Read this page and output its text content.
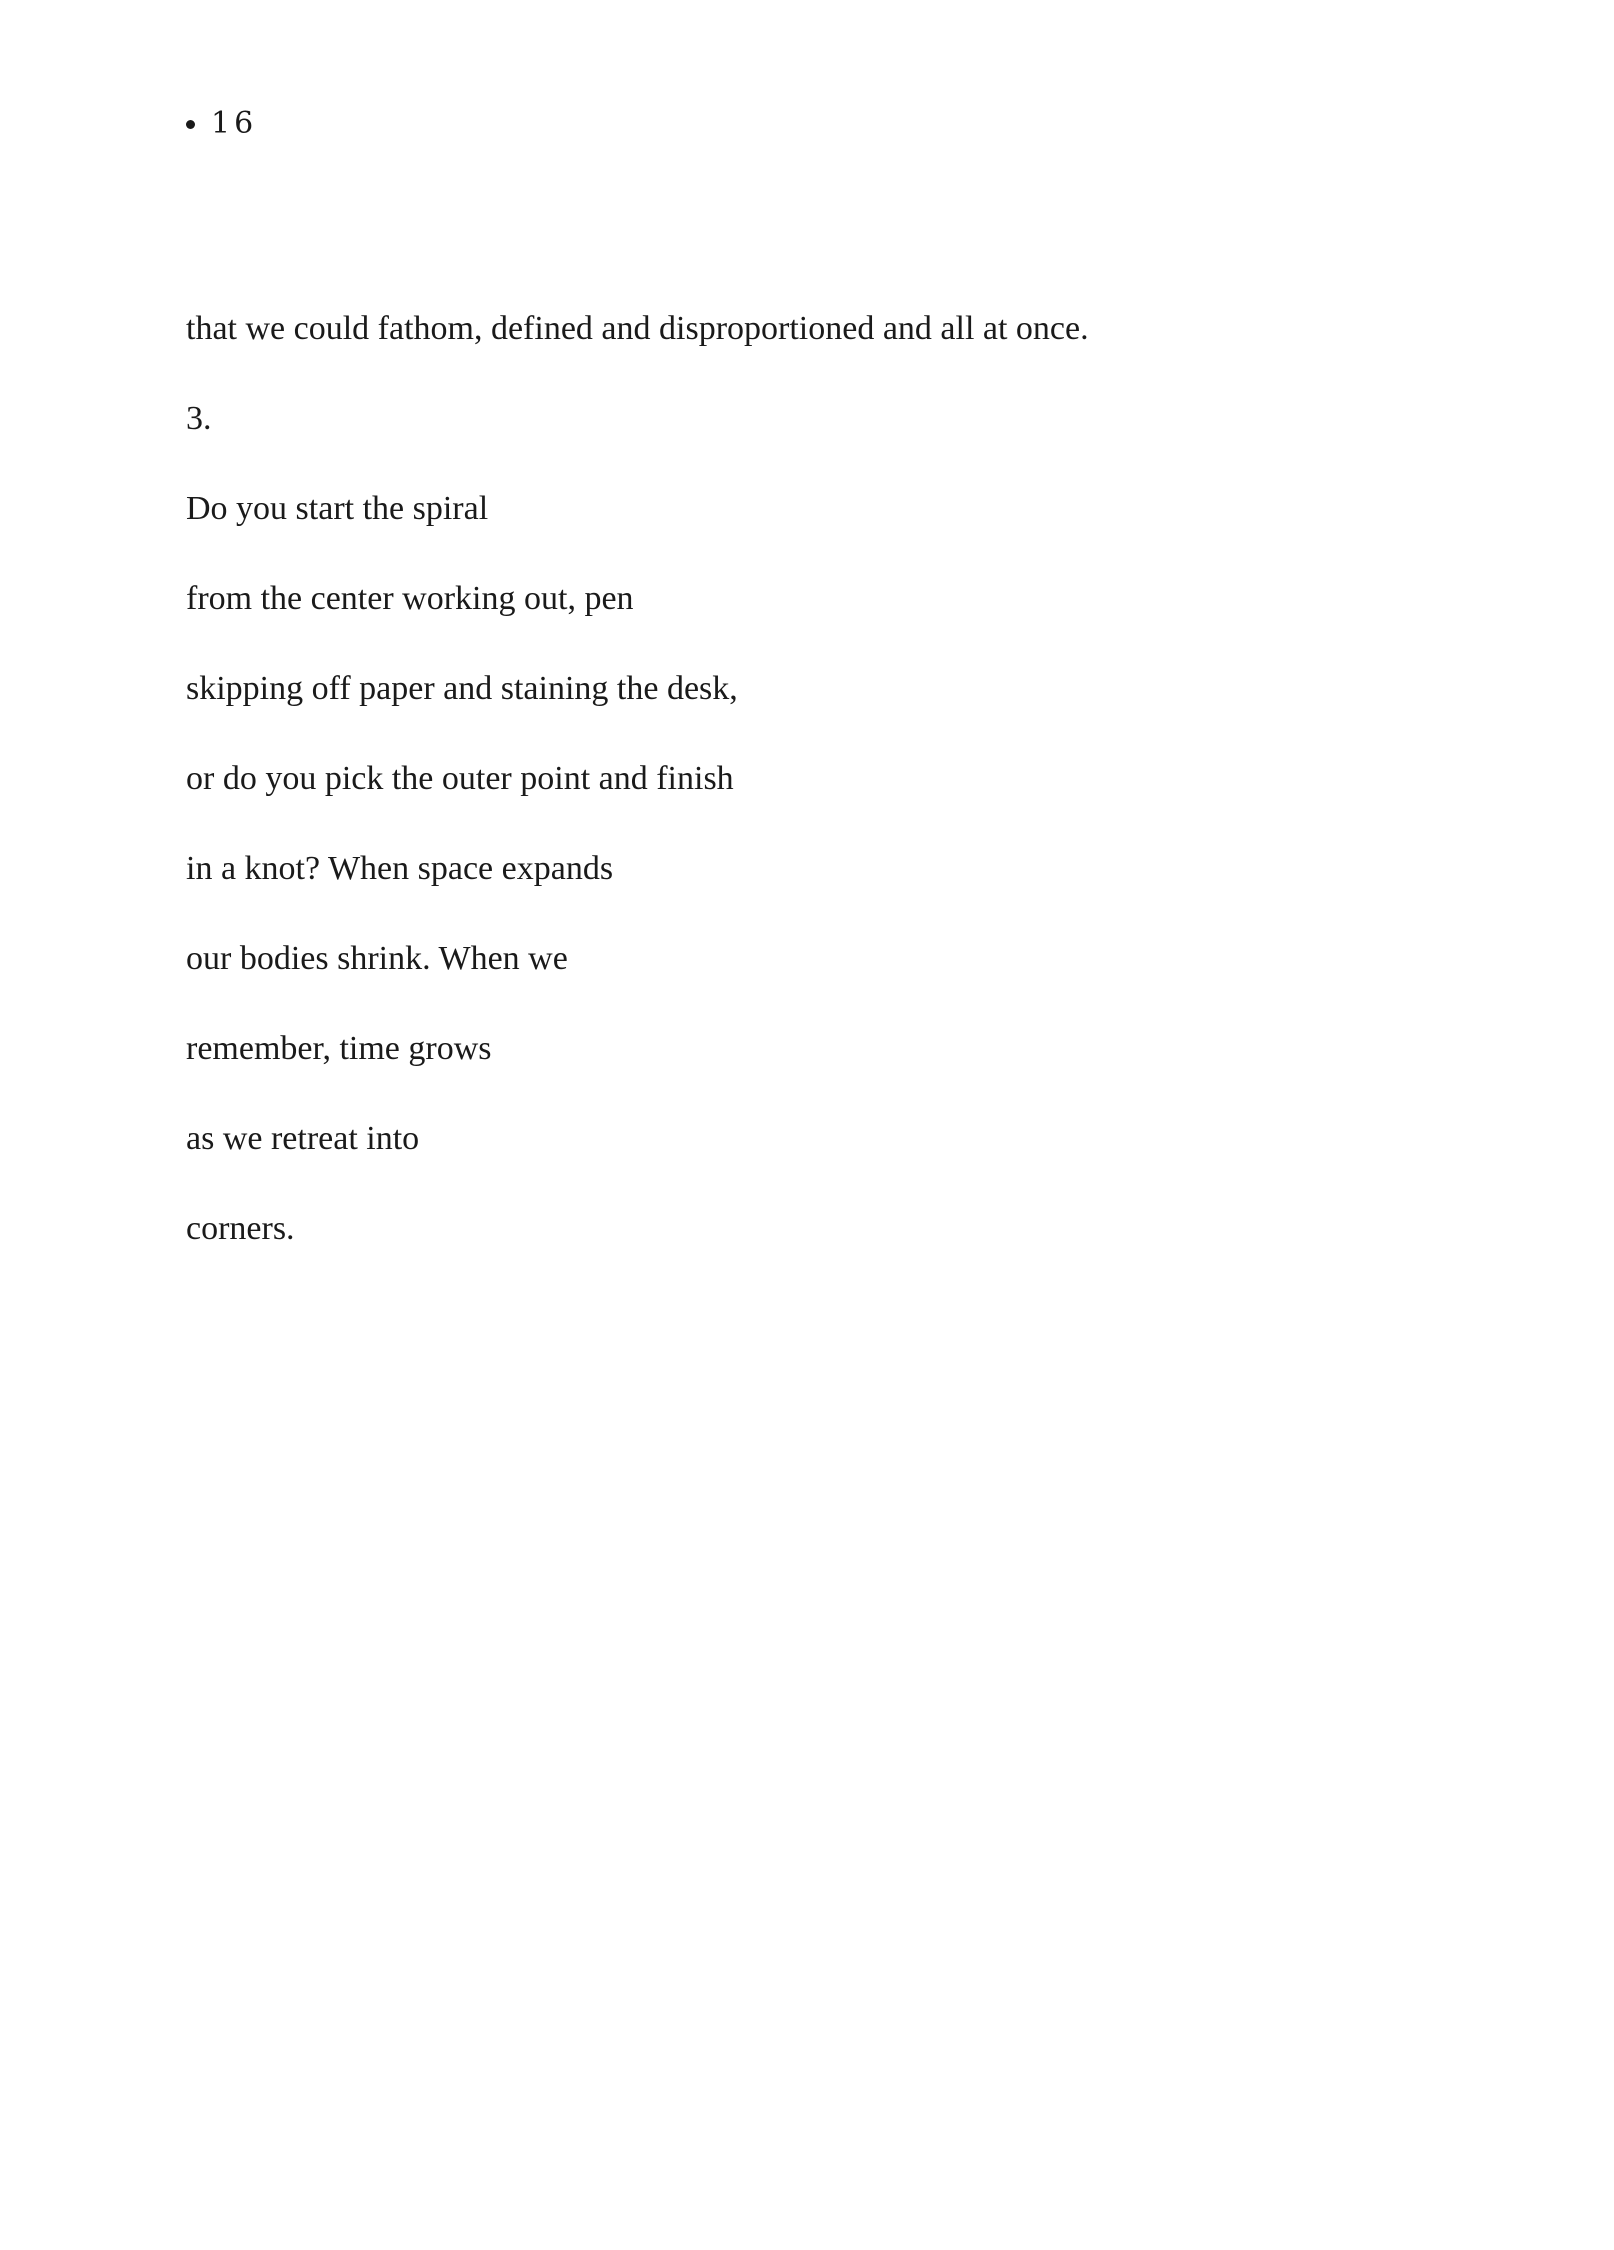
16
that we could fathom, defined and disproportioned and all at once.
3.
Do you start the spiral
from the center working out, pen
skipping off paper and staining the desk,
or do you pick the outer point and finish
in a knot? When space expands
our bodies shrink. When we
remember, time grows
as we retreat into
corners.
